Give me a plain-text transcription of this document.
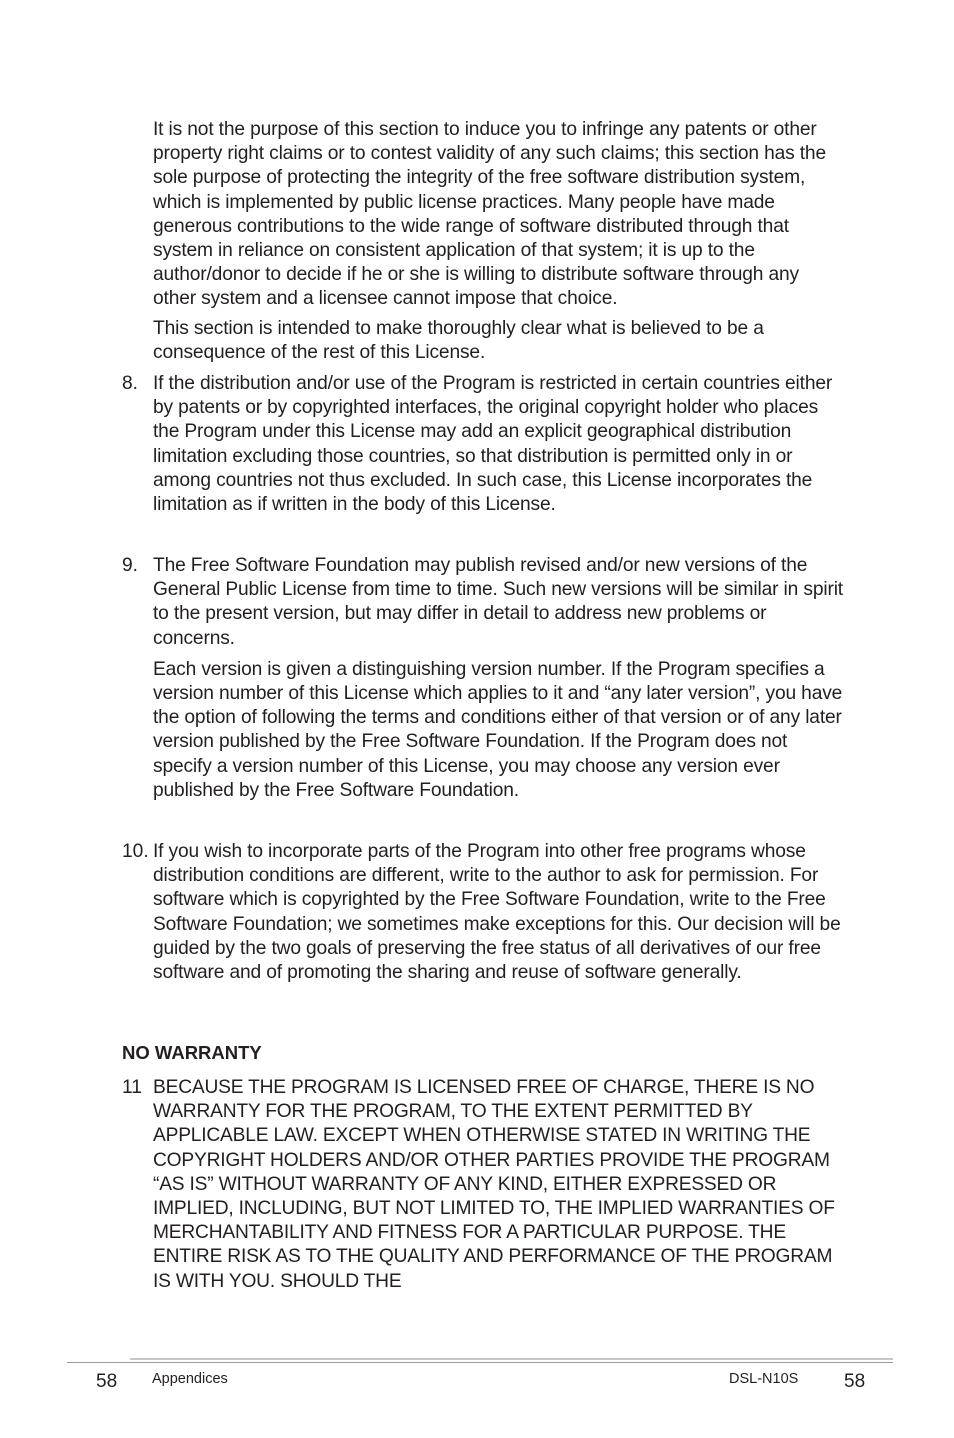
It is not the purpose of this section to induce you to infringe any patents or other property right claims or to contest validity of any such claims; this section has the sole purpose of protecting the integrity of the free software distribution system, which is implemented by public license practices. Many people have made generous contributions to the wide range of software distributed through that system in reliance on consistent application of that system; it is up to the author/donor to decide if he or she is willing to distribute software through any other system and a licensee cannot impose that choice.

This section is intended to make thoroughly clear what is believed to be a consequence of the rest of this License.

8. If the distribution and/or use of the Program is restricted in certain countries either by patents or by copyrighted interfaces, the original copyright holder who places the Program under this License may add an explicit geographical distribution limitation excluding those countries, so that distribution is permitted only in or among countries not thus excluded. In such case, this License incorporates the limitation as if written in the body of this License.

9. The Free Software Foundation may publish revised and/or new versions of the General Public License from time to time. Such new versions will be similar in spirit to the present version, but may differ in detail to address new problems or concerns.

Each version is given a distinguishing version number. If the Program specifies a version number of this License which applies to it and “any later version”, you have the option of following the terms and conditions either of that version or of any later version published by the Free Software Foundation. If the Program does not specify a version number of this License, you may choose any version ever published by the Free Software Foundation.

10. If you wish to incorporate parts of the Program into other free programs whose distribution conditions are different, write to the author to ask for permission. For software which is copyrighted by the Free Software Foundation, write to the Free Software Foundation; we sometimes make exceptions for this. Our decision will be guided by the two goals of preserving the free status of all derivatives of our free software and of promoting the sharing and reuse of software generally.

NO WARRANTY

11 BECAUSE THE PROGRAM IS LICENSED FREE OF CHARGE, THERE IS NO WARRANTY FOR THE PROGRAM, TO THE EXTENT PERMITTED BY APPLICABLE LAW. EXCEPT WHEN OTHERWISE STATED IN WRITING THE COPYRIGHT HOLDERS AND/OR OTHER PARTIES PROVIDE THE PROGRAM “AS IS” WITHOUT WARRANTY OF ANY KIND, EITHER EXPRESSED OR IMPLIED, INCLUDING, BUT NOT LIMITED TO, THE IMPLIED WARRANTIES OF MERCHANTABILITY AND FITNESS FOR A PARTICULAR PURPOSE. THE ENTIRE RISK AS TO THE QUALITY AND PERFORMANCE OF THE PROGRAM IS WITH YOU. SHOULD THE

58 Appendices	DSL-N10S 58
